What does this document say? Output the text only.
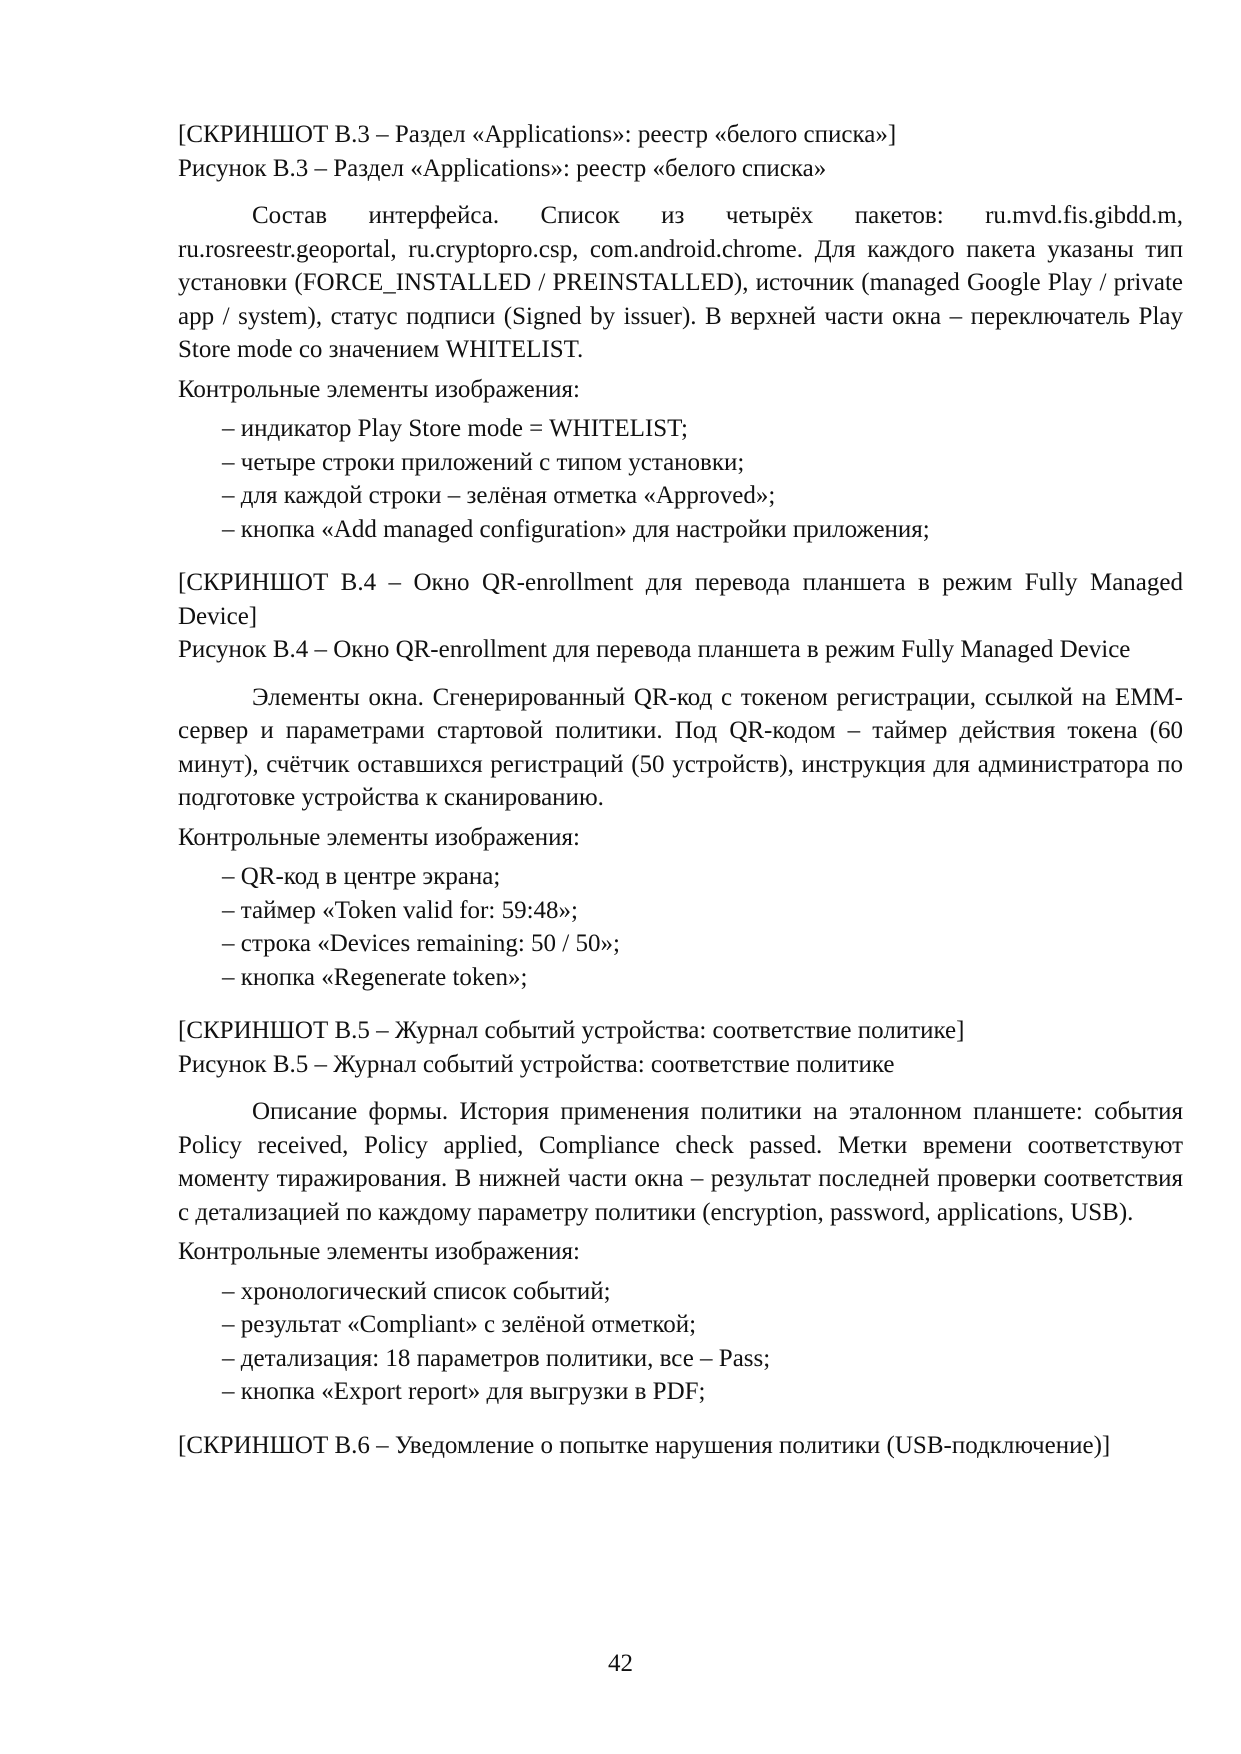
[СКРИНШОТ В.3 – Раздел «Applications»: реестр «белого списка»]

Рисунок В.3 – Раздел «Applications»: реестр «белого списка»

Состав интерфейса. Список из четырёх пакетов: ru.mvd.fis.gibdd.m, ru.rosreestr.geoportal, ru.cryptopro.csp, com.android.chrome. Для каждого пакета указаны тип установки (FORCE_INSTALLED / PREINSTALLED), источник (managed Google Play / private app / system), статус подписи (Signed by issuer). В верхней части окна – переключатель Play Store mode со значением WHITELIST.

Контрольные элементы изображения:

– индикатор Play Store mode = WHITELIST;
– четыре строки приложений с типом установки;
– для каждой строки – зелёная отметка «Approved»;
– кнопка «Add managed configuration» для настройки приложения;

[СКРИНШОТ В.4 – Окно QR-enrollment для перевода планшета в режим Fully Managed Device]

Рисунок В.4 – Окно QR-enrollment для перевода планшета в режим Fully Managed Device

Элементы окна. Сгенерированный QR-код с токеном регистрации, ссылкой на EMM-сервер и параметрами стартовой политики. Под QR-кодом – таймер действия токена (60 минут), счётчик оставшихся регистраций (50 устройств), инструкция для администратора по подготовке устройства к сканированию.

Контрольные элементы изображения:

– QR-код в центре экрана;
– таймер «Token valid for: 59:48»;
– строка «Devices remaining: 50 / 50»;
– кнопка «Regenerate token»;

[СКРИНШОТ В.5 – Журнал событий устройства: соответствие политике]

Рисунок В.5 – Журнал событий устройства: соответствие политике

Описание формы. История применения политики на эталонном планшете: события Policy received, Policy applied, Compliance check passed. Метки времени соответствуют моменту тиражирования. В нижней части окна – результат последней проверки соответствия с детализацией по каждому параметру политики (encryption, password, applications, USB).

Контрольные элементы изображения:

– хронологический список событий;
– результат «Compliant» с зелёной отметкой;
– детализация: 18 параметров политики, все – Pass;
– кнопка «Export report» для выгрузки в PDF;

[СКРИНШОТ В.6 – Уведомление о попытке нарушения политики (USB-подключение)]

42
